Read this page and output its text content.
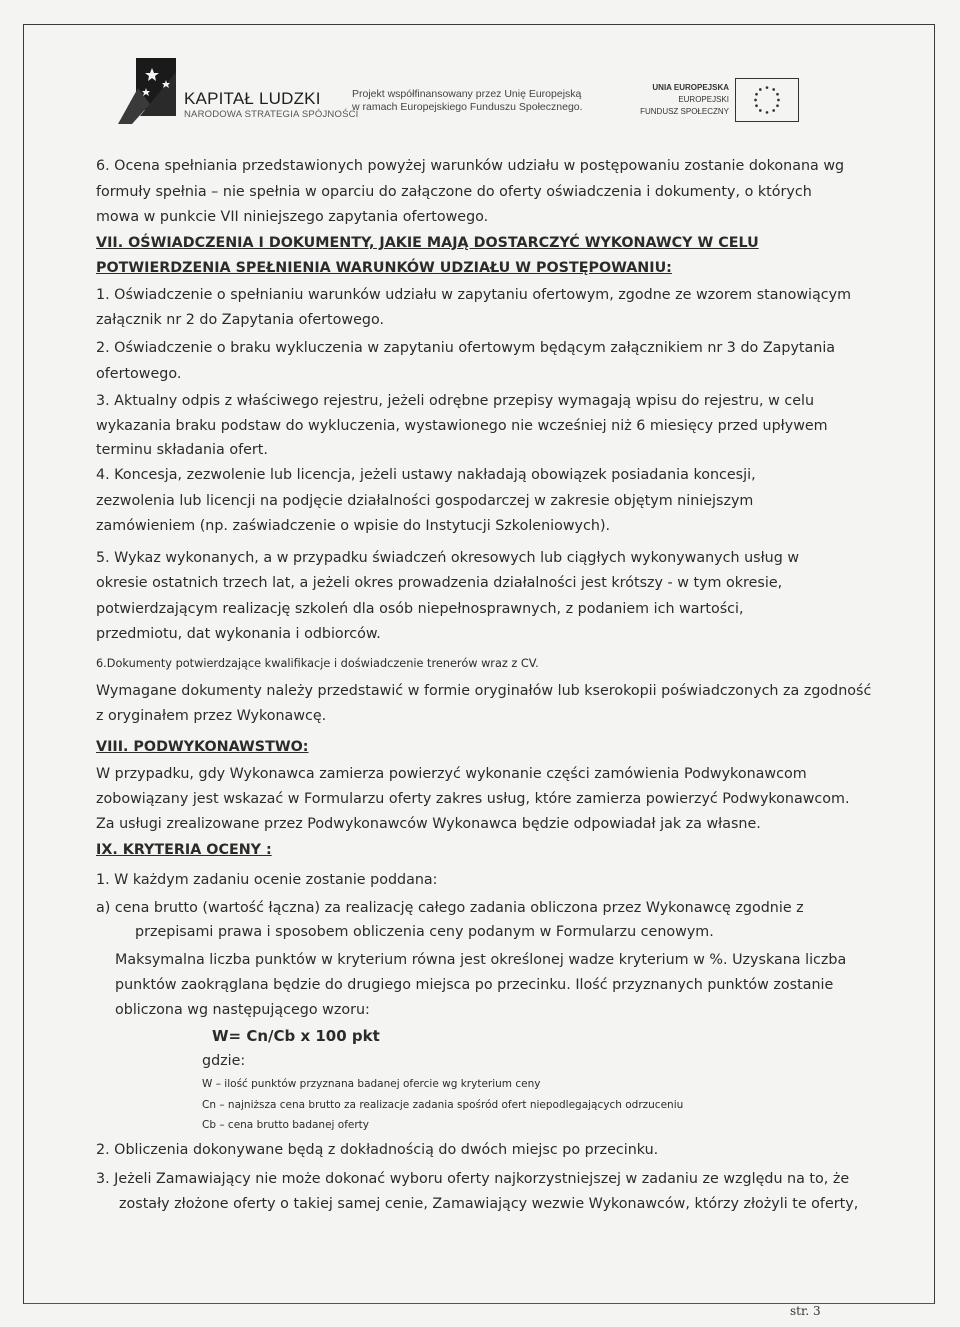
KAPITAŁ LUDZKI
NARODOWA STRATEGIA SPÓJNOŚCI
Projekt współfinansowany przez Unię Europejską
w ramach Europejskiego Funduszu Społecznego.
UNIA EUROPEJSKA
EUROPEJSKI
FUNDUSZ SPOŁECZNY
6. Ocena spełniania przedstawionych powyżej warunków udziału w postępowaniu zostanie dokonana wg
formuły spełnia – nie spełnia w oparciu do załączone do oferty oświadczenia i dokumenty, o których
mowa w punkcie VII niniejszego zapytania ofertowego.
VII. OŚWIADCZENIA I DOKUMENTY, JAKIE MAJĄ DOSTARCZYĆ WYKONAWCY W CELU
POTWIERDZENIA SPEŁNIENIA WARUNKÓW UDZIAŁU W POSTĘPOWANIU:
1. Oświadczenie o spełnianiu warunków udziału w zapytaniu ofertowym, zgodne ze wzorem stanowiącym
załącznik nr 2 do Zapytania ofertowego.
2. Oświadczenie o braku wykluczenia w zapytaniu ofertowym będącym załącznikiem nr 3 do Zapytania
ofertowego.
3. Aktualny odpis z właściwego rejestru, jeżeli odrębne przepisy wymagają wpisu do rejestru, w celu
wykazania braku podstaw do wykluczenia, wystawionego nie wcześniej niż 6 miesięcy przed upływem
terminu składania ofert.
4. Koncesja, zezwolenie lub licencja, jeżeli ustawy nakładają obowiązek posiadania koncesji,
zezwolenia lub licencji na podjęcie działalności gospodarczej w zakresie objętym niniejszym
zamówieniem (np. zaświadczenie o wpisie do Instytucji Szkoleniowych).
5. Wykaz wykonanych, a w przypadku świadczeń okresowych lub ciągłych wykonywanych usług w
okresie ostatnich trzech lat, a jeżeli okres prowadzenia działalności jest krótszy - w tym okresie,
potwierdzającym realizację szkoleń dla osób niepełnosprawnych, z podaniem ich wartości,
przedmiotu, dat wykonania i odbiorców.
6.Dokumenty potwierdzające kwalifikacje i doświadczenie trenerów wraz z CV.
Wymagane dokumenty należy przedstawić w formie oryginałów lub kserokopii poświadczonych za zgodność
z oryginałem przez Wykonawcę.
VIII. PODWYKONAWSTWO:
W przypadku, gdy Wykonawca zamierza powierzyć wykonanie części zamówienia Podwykonawcom
zobowiązany jest wskazać w Formularzu oferty zakres usług, które zamierza powierzyć Podwykonawcom.
Za usługi zrealizowane przez Podwykonawców Wykonawca będzie odpowiadał jak za własne.
IX. KRYTERIA OCENY :
1. W każdym zadaniu ocenie zostanie poddana:
a) cena brutto (wartość łączna) za realizację całego zadania obliczona przez Wykonawcę zgodnie z
przepisami prawa i sposobem obliczenia ceny podanym w Formularzu cenowym.
Maksymalna liczba punktów w kryterium równa jest określonej wadze kryterium w %. Uzyskana liczba
punktów zaokrąglana będzie do drugiego miejsca po przecinku. Ilość przyznanych punktów zostanie
obliczona wg następującego wzoru:
W= Cn/Cb x 100 pkt
gdzie:
W – ilość punktów przyznana badanej ofercie wg kryterium ceny
Cn – najniższa cena brutto za realizacje zadania spośród ofert niepodlegających odrzuceniu
Cb – cena brutto badanej oferty
2. Obliczenia dokonywane będą z dokładnością do dwóch miejsc po przecinku.
3. Jeżeli Zamawiający nie może dokonać wyboru oferty najkorzystniejszej w zadaniu ze względu na to, że
zostały złożone oferty o takiej samej cenie, Zamawiający wezwie Wykonawców, którzy złożyli te oferty,
str. 3
